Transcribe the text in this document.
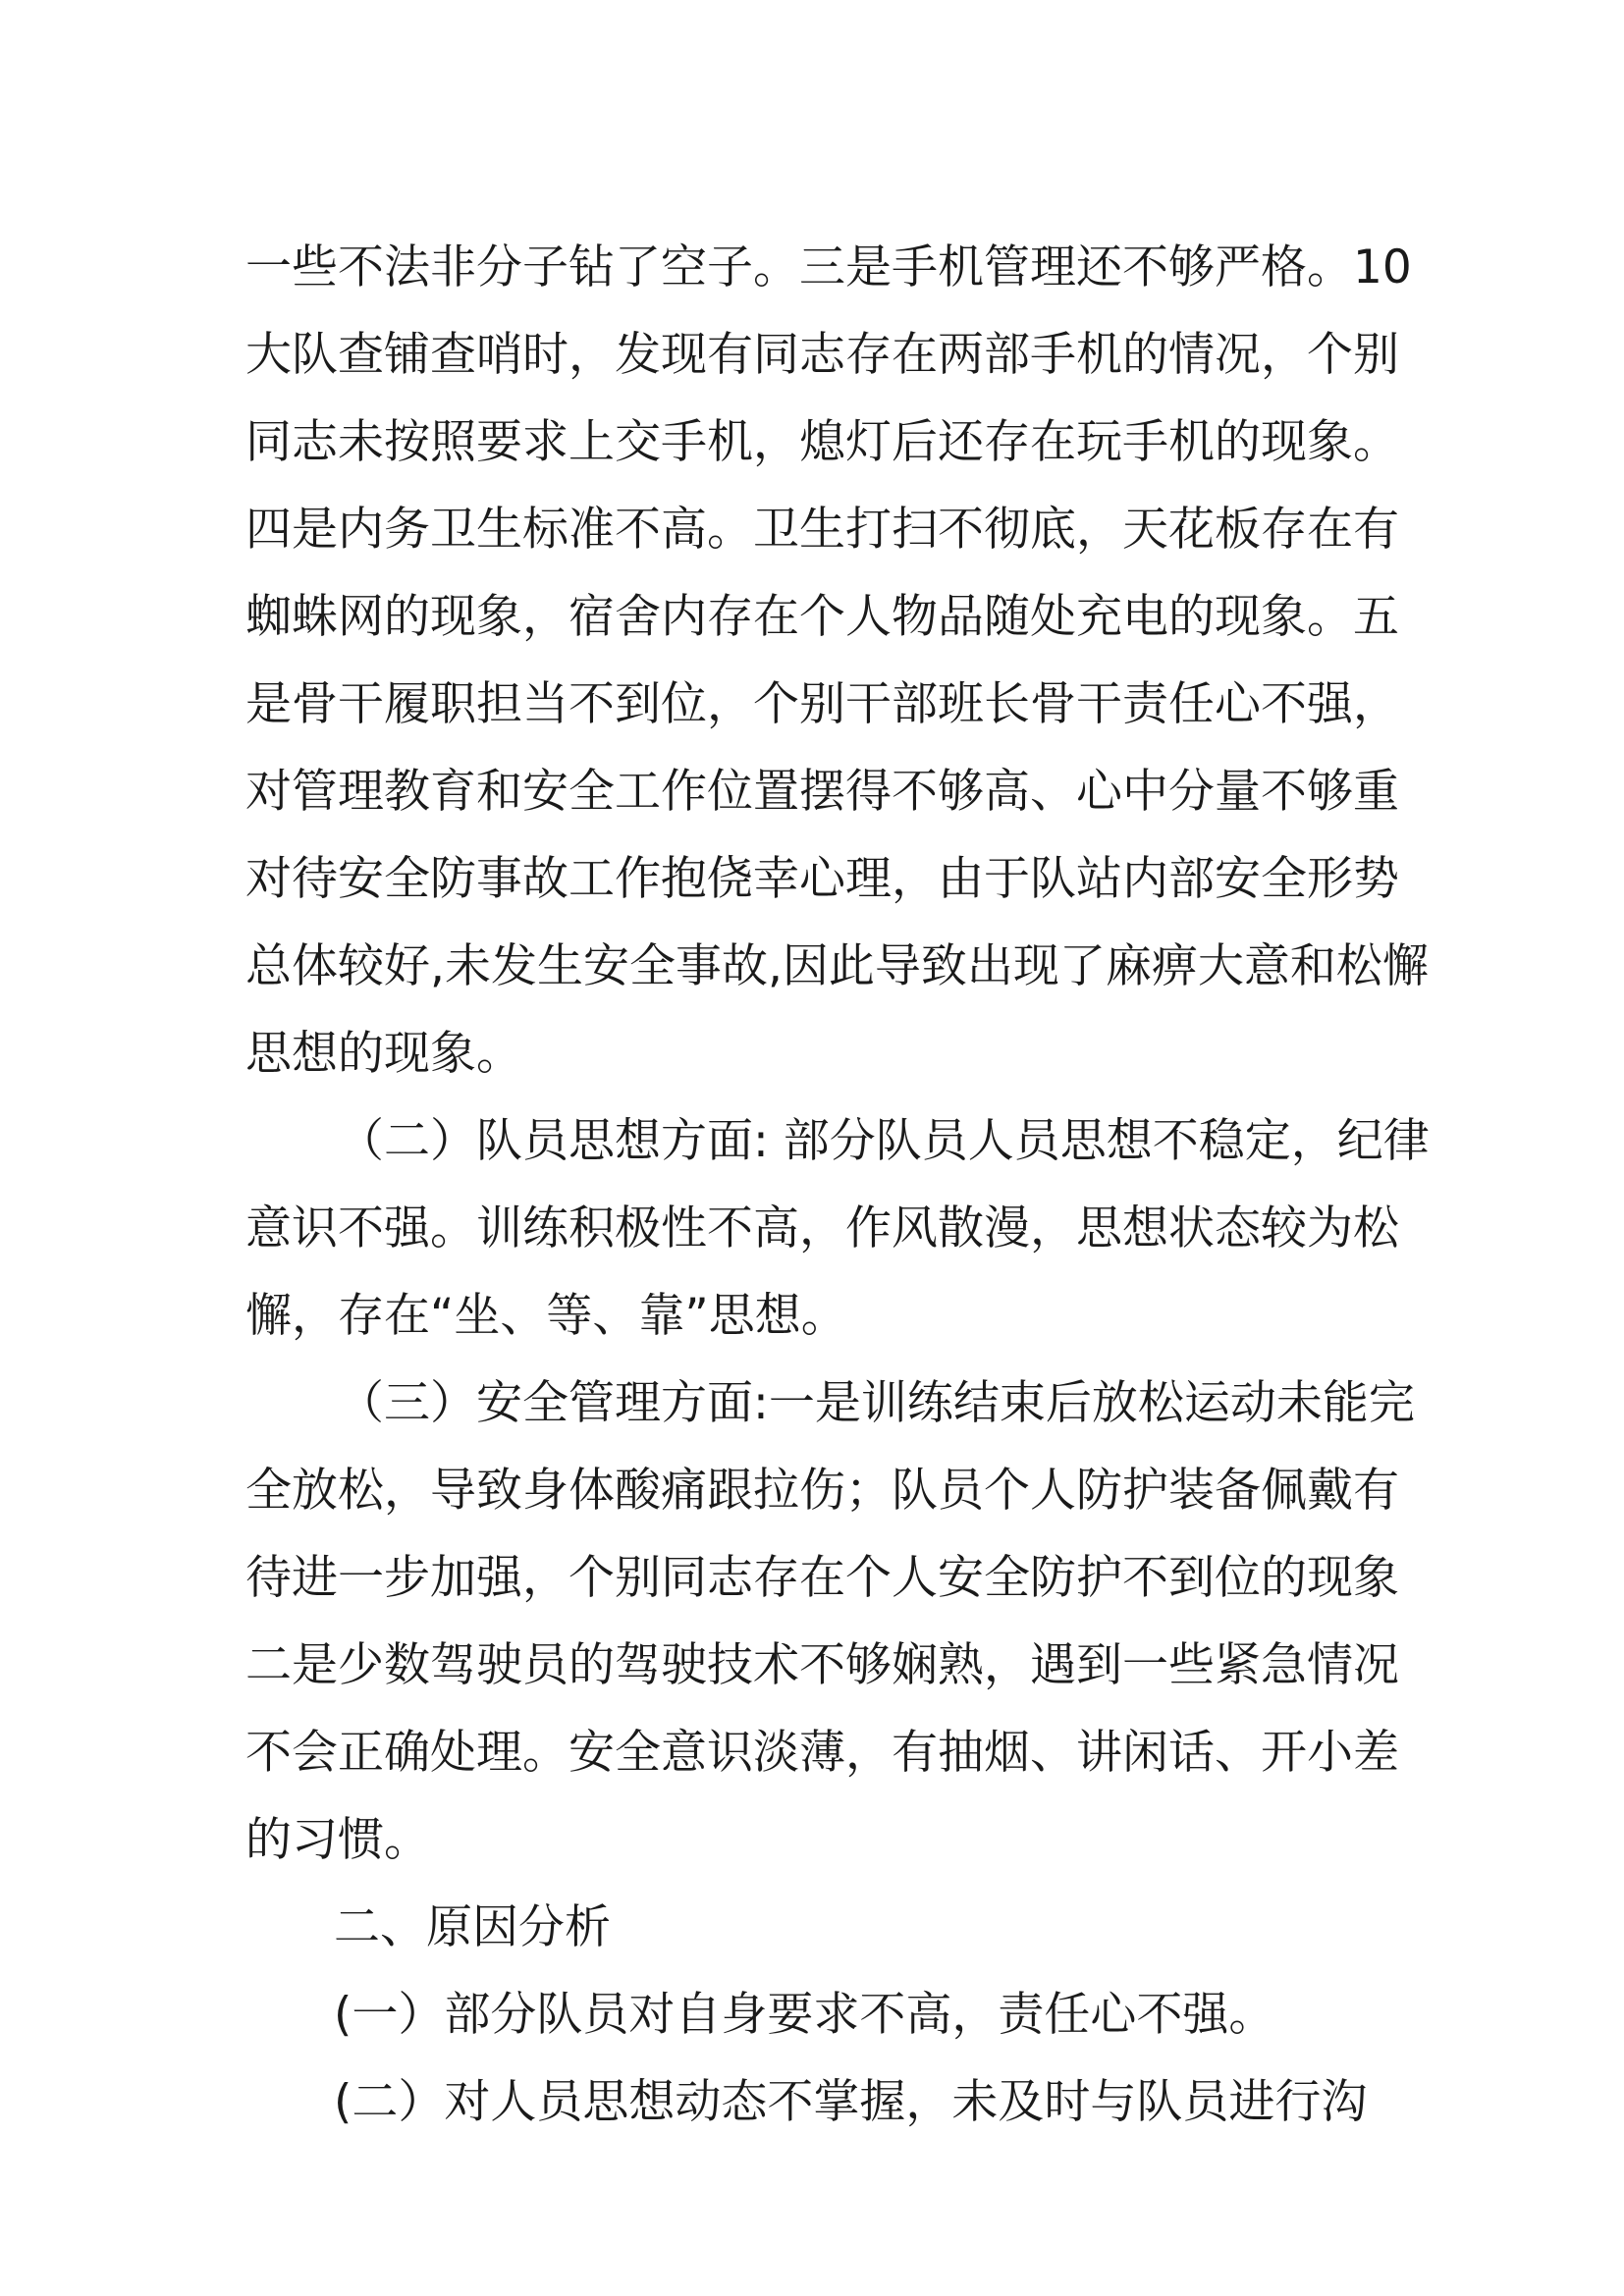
一些不法非分子钻了空子。三是手机管理还不够严格。10
大队查铺查哨时，发现有同志存在两部手机的情况，个别
同志未按照要求上交手机，熄灯后还存在玩手机的现象。
四是内务卫生标准不高。卫生打扫不彻底，天花板存在有
蜘蛛网的现象，宿舍内存在个人物品随处充电的现象。五
是骨干履职担当不到位，个别干部班长骨干责任心不强，
对管理教育和安全工作位置摆得不够高、心中分量不够重
对待安全防事故工作抱侥幸心理，由于队站内部安全形势
总体较好,未发生安全事故,因此导致出现了麻痹大意和松懈
思想的现象。
（二）队员思想方面: 部分队员人员思想不稳定，纪律
意识不强。训练积极性不高，作风散漫，思想状态较为松
懈，存在“坐、等、靠”思想。
（三）安全管理方面:一是训练结束后放松运动未能完
全放松，导致身体酸痛跟拉伤；队员个人防护装备佩戴有
待进一步加强，个别同志存在个人安全防护不到位的现象
二是少数驾驶员的驾驶技术不够娴熟，遇到一些紧急情况
不会正确处理。安全意识淡薄，有抽烟、讲闲话、开小差
的习惯。
二、原因分析
(一）部分队员对自身要求不高，责任心不强。
(二）对人员思想动态不掌握，未及时与队员进行沟
